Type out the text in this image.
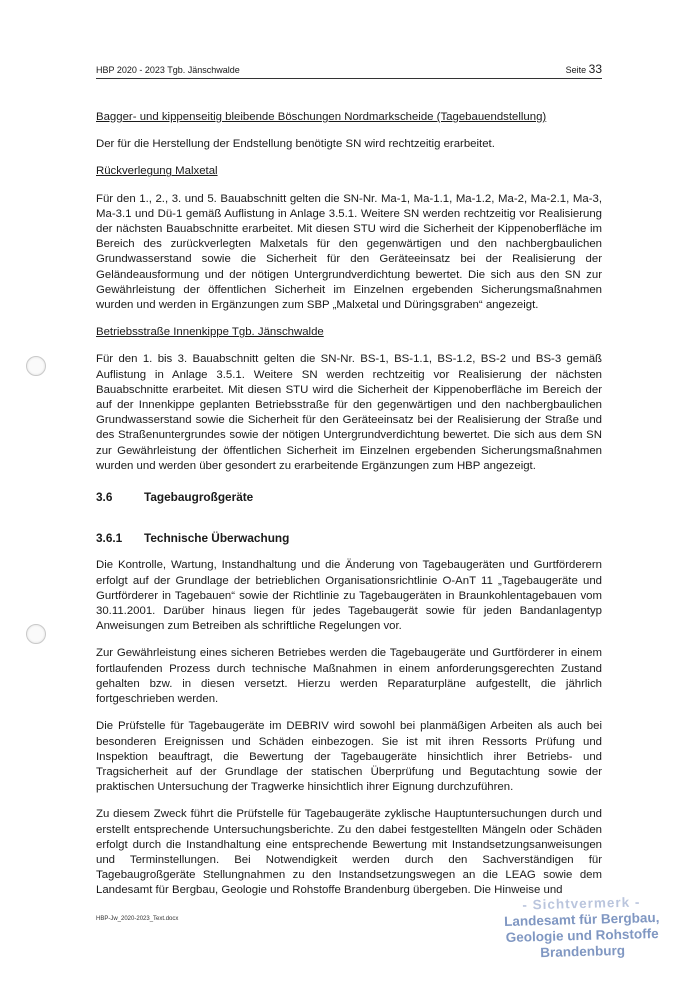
HBP 2020 - 2023 Tgb. Jänschwalde	Seite 33

Bagger- und kippenseitig bleibende Böschungen Nordmarkscheide (Tagebauendstellung)

Der für die Herstellung der Endstellung benötigte SN wird rechtzeitig erarbeitet.

Rückverlegung Malxetal

Für den 1., 2., 3. und 5. Bauabschnitt gelten die SN-Nr. Ma-1, Ma-1.1, Ma-1.2, Ma-2, Ma-2.1, Ma-3, Ma-3.1 und Dü-1 gemäß Auflistung in Anlage 3.5.1. Weitere SN werden rechtzeitig vor Realisierung der nächsten Bauabschnitte erarbeitet. Mit diesen STU wird die Sicherheit der Kippenoberfläche im Bereich des zurückverlegten Malxetals für den gegenwärtigen und den nachbergbaulichen Grundwasserstand sowie die Sicherheit für den Geräteeinsatz bei der Realisierung der Geländeausformung und der nötigen Untergrundverdichtung bewertet. Die sich aus den SN zur Gewährleistung der öffentlichen Sicherheit im Einzelnen ergebenden Sicherungsmaßnahmen wurden und werden in Ergänzungen zum SBP „Malxetal und Düringsgraben“ angezeigt.

Betriebsstraße Innenkippe Tgb. Jänschwalde

Für den 1. bis 3. Bauabschnitt gelten die SN-Nr. BS-1, BS-1.1, BS-1.2, BS-2 und BS-3 gemäß Auflistung in Anlage 3.5.1. Weitere SN werden rechtzeitig vor Realisierung der nächsten Bauabschnitte erarbeitet. Mit diesen STU wird die Sicherheit der Kippenoberfläche im Bereich der auf der Innenkippe geplanten Betriebsstraße für den gegenwärtigen und den nachbergbaulichen Grundwasserstand sowie die Sicherheit für den Geräteeinsatz bei der Realisierung der Straße und des Straßenuntergrundes sowie der nötigen Untergrundverdichtung bewertet. Die sich aus dem SN zur Gewährleistung der öffentlichen Sicherheit im Einzelnen ergebenden Sicherungsmaßnahmen wurden und werden über gesondert zu erarbeitende Ergänzungen zum HBP angezeigt.

3.6	Tagebaugroßgeräte
3.6.1	Technische Überwachung

Die Kontrolle, Wartung, Instandhaltung und die Änderung von Tagebaugeräten und Gurtförderern erfolgt auf der Grundlage der betrieblichen Organisationsrichtlinie O-AnT 11 „Tagebaugeräte und Gurtförderer in Tagebauen“ sowie der Richtlinie zu Tagebaugeräten in Braunkohlentagebauen vom 30.11.2001. Darüber hinaus liegen für jedes Tagebaugerät sowie für jeden Bandanlagentyp Anweisungen zum Betreiben als schriftliche Regelungen vor.

Zur Gewährleistung eines sicheren Betriebes werden die Tagebaugeräte und Gurtförderer in einem fortlaufenden Prozess durch technische Maßnahmen in einem anforderungsgerechten Zustand gehalten bzw. in diesen versetzt. Hierzu werden Reparaturpläne aufgestellt, die jährlich fortgeschrieben werden.

Die Prüfstelle für Tagebaugeräte im DEBRIV wird sowohl bei planmäßigen Arbeiten als auch bei besonderen Ereignissen und Schäden einbezogen. Sie ist mit ihren Ressorts Prüfung und Inspektion beauftragt, die Bewertung der Tagebaugeräte hinsichtlich ihrer Betriebs- und Tragsicherheit auf der Grundlage der statischen Überprüfung und Begutachtung sowie der praktischen Untersuchung der Tragwerke hinsichtlich ihrer Eignung durchzuführen.

Zu diesem Zweck führt die Prüfstelle für Tagebaugeräte zyklische Hauptuntersuchungen durch und erstellt entsprechende Untersuchungsberichte. Zu den dabei festgestellten Mängeln oder Schäden erfolgt durch die Instandhaltung eine entsprechende Bewertung mit Instandsetzungsanweisungen und Terminstellungen. Bei Notwendigkeit werden durch den Sachverständigen für Tagebaugroßgeräte Stellungnahmen zu den Instandsetzungswegen an die LEAG sowie dem Landesamt für Bergbau, Geologie und Rohstoffe Brandenburg übergeben. Die Hinweise und

HBP-Jw_2020-2023_Text.docx
- Sichtvermerk -
Landesamt für Bergbau,
Geologie und Rohstoffe
Brandenburg
